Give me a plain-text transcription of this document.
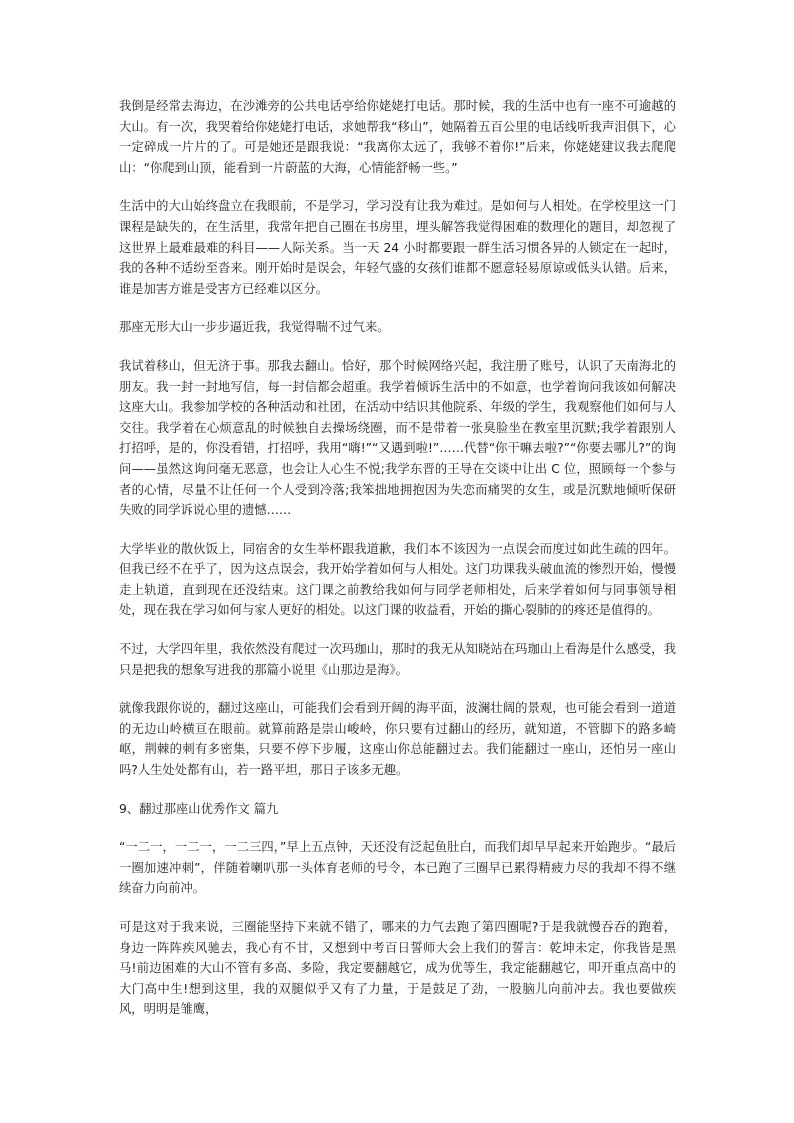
我倒是经常去海边，在沙滩旁的公共电话亭给你姥姥打电话。那时候，我的生活中也有一座不可逾越的大山。有一次，我哭着给你姥姥打电话，求她帮我“移山”，她隔着五百公里的电话线听我声泪俱下，心一定碎成一片片的了。可是她还是跟我说：“我离你太远了，我够不着你!”后来，你姥姥建议我去爬爬山：“你爬到山顶，能看到一片蔚蓝的大海，心情能舒畅一些。”

生活中的大山始终盘立在我眼前，不是学习，学习没有让我为难过。是如何与人相处。在学校里这一门课程是缺失的，在生活里，我常年把自己圈在书房里，埋头解答我觉得困难的数理化的题目，却忽视了这世界上最难最难的科目——人际关系。当一天 24 小时都要跟一群生活习惯各异的人锁定在一起时，我的各种不适纷至沓来。刚开始时是误会，年轻气盛的女孩们谁都不愿意轻易原谅或低头认错。后来，谁是加害方谁是受害方已经难以区分。

那座无形大山一步步逼近我，我觉得喘不过气来。

我试着移山，但无济于事。那我去翻山。恰好，那个时候网络兴起，我注册了账号，认识了天南海北的朋友。我一封一封地写信，每一封信都会超重。我学着倾诉生活中的不如意，也学着询问我该如何解决这座大山。我参加学校的各种活动和社团，在活动中结识其他院系、年级的学生，我观察他们如何与人交往。我学着在心烦意乱的时候独自去操场绕圈，而不是带着一张臭脸坐在教室里沉默;我学着跟别人打招呼，是的，你没看错，打招呼，我用“嗨!”“又遇到啦!”……代替“你干嘛去啦?”“你要去哪儿?”的询问——虽然这询问毫无恶意，也会让人心生不悦;我学东晋的王导在交谈中让出 C 位，照顾每一个参与者的心情，尽量不让任何一个人受到冷落;我笨拙地拥抱因为失恋而痛哭的女生，或是沉默地倾听保研失败的同学诉说心里的遗憾……

大学毕业的散伙饭上，同宿舍的女生举杯跟我道歉，我们本不该因为一点误会而度过如此生疏的四年。但我已经不在乎了，因为这点误会，我开始学着如何与人相处。这门功课我头破血流的惨烈开始，慢慢走上轨道，直到现在还没结束。这门课之前教给我如何与同学老师相处，后来学着如何与同事领导相处，现在我在学习如何与家人更好的相处。以这门课的收益看，开始的撕心裂肺的的疼还是值得的。

不过，大学四年里，我依然没有爬过一次玛珈山，那时的我无从知晓站在玛珈山上看海是什么感受，我只是把我的想象写进我的那篇小说里《山那边是海》。

就像我跟你说的，翻过这座山，可能我们会看到开阔的海平面，波澜壮阔的景观，也可能会看到一道道的无边山岭横亘在眼前。就算前路是崇山峻岭，你只要有过翻山的经历，就知道，不管脚下的路多崎岖，荆棘的刺有多密集，只要不停下步履，这座山你总能翻过去。我们能翻过一座山，还怕另一座山吗?人生处处都有山，若一路平坦，那日子该多无趣。

9、翻过那座山优秀作文 篇九

“一二一，一二一，一二三四，”早上五点钟，天还没有泛起鱼肚白，而我们却早早起来开始跑步。“最后一圈加速冲刺”，伴随着喇叭那一头体育老师的号令，本已跑了三圈早已累得精疲力尽的我却不得不继续奋力向前冲。

可是这对于我来说，三圈能坚持下来就不错了，哪来的力气去跑了第四圈呢?于是我就慢吞吞的跑着，身边一阵阵疾风驰去，我心有不甘，又想到中考百日誓师大会上我们的誓言：乾坤未定，你我皆是黑马!前边困难的大山不管有多高、多险，我定要翻越它，成为优等生，我定能翻越它，叩开重点高中的大门高中生!想到这里，我的双腿似乎又有了力量，于是鼓足了劲，一股脑儿向前冲去。我也要做疾风，明明是雏鹰，
